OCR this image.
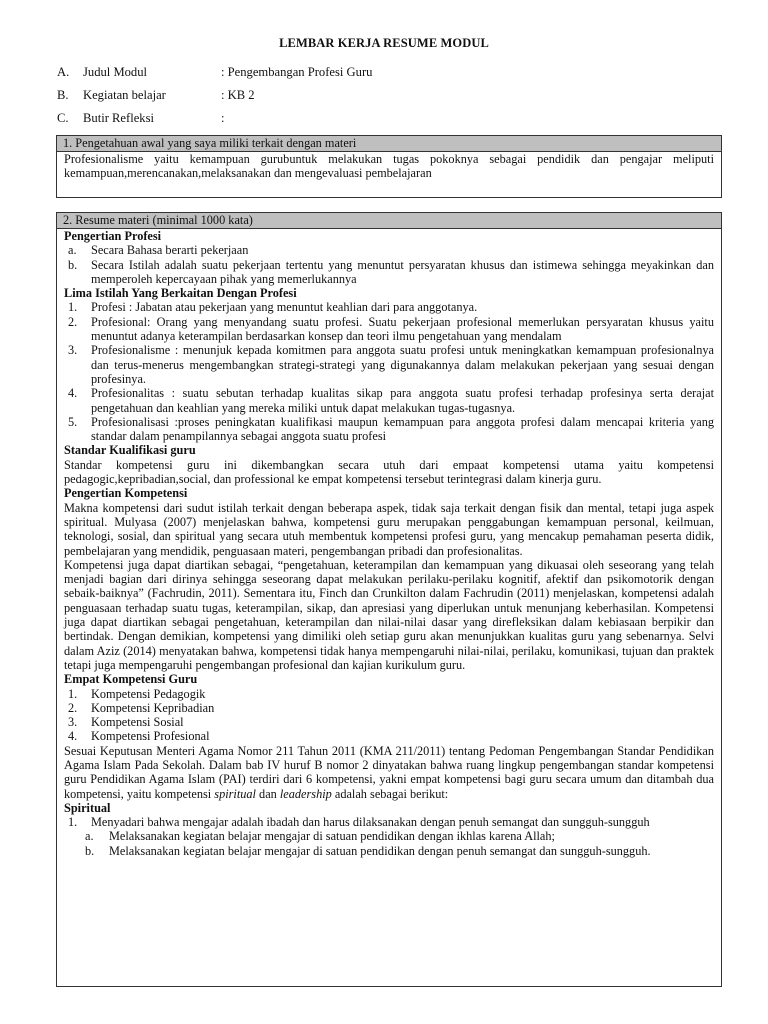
LEMBAR KERJA RESUME MODUL
A. Judul Modul	: Pengembangan Profesi Guru
B. Kegiatan belajar	: KB 2
C. Butir Refleksi	:
1. Pengetahuan awal yang saya miliki terkait dengan materi
Profesionalisme yaitu kemampuan gurubuntuk melakukan tugas pokoknya sebagai pendidik dan pengajar meliputi kemampuan,merencanakan,melaksanakan dan mengevaluasi pembelajaran
2. Resume materi (minimal 1000 kata)
Pengertian Profesi
a. Secara Bahasa berarti pekerjaan
b. Secara Istilah adalah suatu pekerjaan tertentu yang menuntut persyaratan khusus dan istimewa sehingga meyakinkan dan memperoleh kepercayaan pihak yang memerlukannya
Lima Istilah Yang Berkaitan Dengan Profesi
1. Profesi : Jabatan atau pekerjaan yang menuntut keahlian dari para anggotanya.
2. Profesional: Orang yang menyandang suatu profesi. Suatu pekerjaan profesional memerlukan persyaratan khusus yaitu menuntut adanya keterampilan berdasarkan konsep dan teori ilmu pengetahuan yang mendalam
3. Profesionalisme : menunjuk kepada komitmen para anggota suatu profesi untuk meningkatkan kemampuan profesionalnya dan terus-menerus mengembangkan strategi-strategi yang digunakannya dalam melakukan pekerjaan yang sesuai dengan profesinya.
4. Profesionalitas : suatu sebutan terhadap kualitas sikap para anggota suatu profesi terhadap profesinya serta derajat pengetahuan dan keahlian yang mereka miliki untuk dapat melakukan tugas-tugasnya.
5. Profesionalisasi :proses peningkatan kualifikasi maupun kemampuan para anggota profesi dalam mencapai kriteria yang standar dalam penampilannya sebagai anggota suatu profesi
Standar Kualifikasi guru
Standar kompetensi guru ini dikembangkan secara utuh dari empaat kompetensi utama yaitu kompetensi pedagogic,kepribadian,social, dan professional ke empat kompetensi tersebut terintegrasi dalam kinerja guru.
Pengertian Kompetensi
Makna kompetensi dari sudut istilah terkait dengan beberapa aspek, tidak saja terkait dengan fisik dan mental, tetapi juga aspek spiritual. Mulyasa (2007) menjelaskan bahwa, kompetensi guru merupakan penggabungan kemampuan personal, keilmuan, teknologi, sosial, dan spiritual yang secara utuh membentuk kompetensi profesi guru, yang mencakup pemahaman peserta didik, pembelajaran yang mendidik, penguasaan materi, pengembangan pribadi dan profesionalitas.
Kompetensi juga dapat diartikan sebagai, “pengetahuan, keterampilan dan kemampuan yang dikuasai oleh seseorang yang telah menjadi bagian dari dirinya sehingga seseorang dapat melakukan perilaku-perilaku kognitif, afektif dan psikomotorik dengan sebaik-baiknya” (Fachrudin, 2011). Sementara itu, Finch dan Crunkilton dalam Fachrudin (2011) menjelaskan, kompetensi adalah penguasaan terhadap suatu tugas, keterampilan, sikap, dan apresiasi yang diperlukan untuk menunjang keberhasilan. Kompetensi juga dapat diartikan sebagai pengetahuan, keterampilan dan nilai-nilai dasar yang direfleksikan dalam kebiasaan berpikir dan bertindak. Dengan demikian, kompetensi yang dimiliki oleh setiap guru akan menunjukkan kualitas guru yang sebenarnya. Selvi dalam Aziz (2014) menyatakan bahwa, kompetensi tidak hanya mempengaruhi nilai-nilai, perilaku, komunikasi, tujuan dan praktek tetapi juga mempengaruhi pengembangan profesional dan kajian kurikulum guru.
Empat Kompetensi Guru
1. Kompetensi Pedagogik
2. Kompetensi Kepribadian
3. Kompetensi Sosial
4. Kompetensi Profesional
Sesuai Keputusan Menteri Agama Nomor 211 Tahun 2011 (KMA 211/2011) tentang Pedoman Pengembangan Standar Pendidikan Agama Islam Pada Sekolah. Dalam bab IV huruf B nomor 2 dinyatakan bahwa ruang lingkup pengembangan standar kompetensi guru Pendidikan Agama Islam (PAI) terdiri dari 6 kompetensi, yakni empat kompetensi bagi guru secara umum dan ditambah dua kompetensi, yaitu kompetensi spiritual dan leadership adalah sebagai berikut:
Spiritual
1. Menyadari bahwa mengajar adalah ibadah dan harus dilaksanakan dengan penuh semangat dan sungguh-sungguh
a. Melaksanakan kegiatan belajar mengajar di satuan pendidikan dengan ikhlas karena Allah;
b. Melaksanakan kegiatan belajar mengajar di satuan pendidikan dengan penuh semangat dan sungguh-sungguh.
